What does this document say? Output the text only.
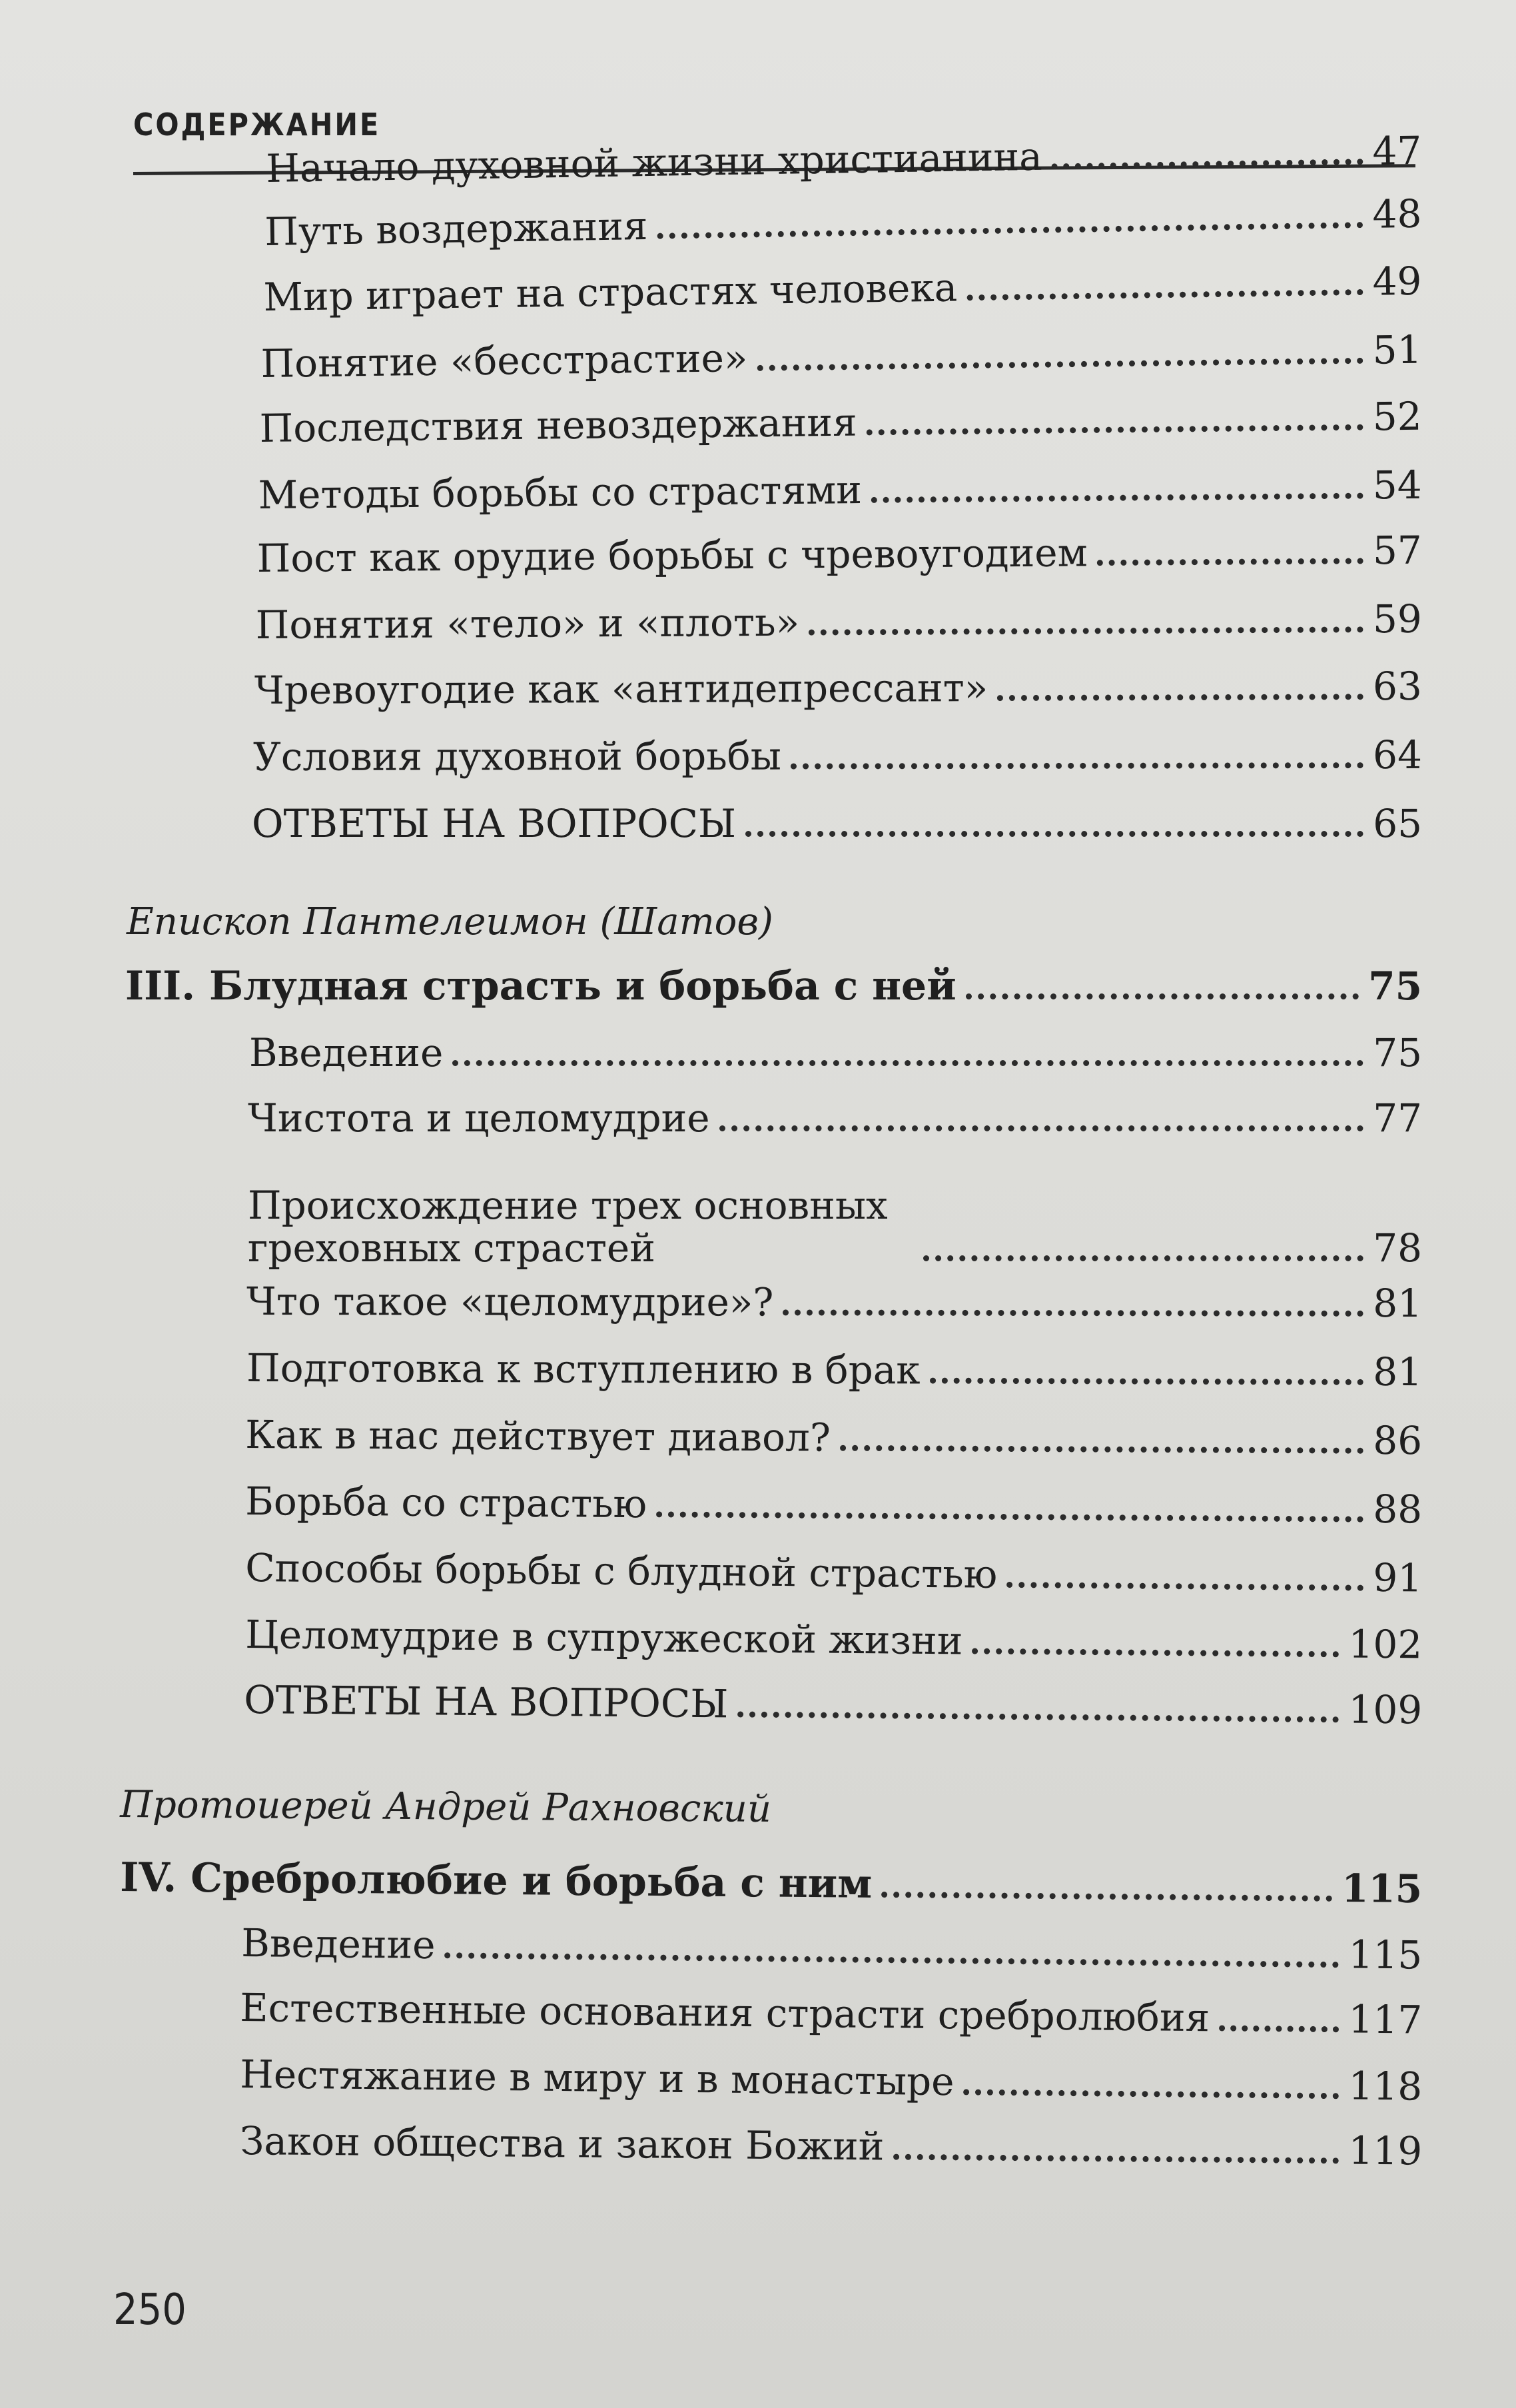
СОДЕРЖАНИЕ
Начало духовной жизни христианина	47
Путь воздержания	48
Мир играет на страстях человека	49
Понятие «бесстрастие»	51
Последствия невоздержания	52
Методы борьбы со страстями	54
Пост как орудие борьбы с чревоугодием	57
Понятия «тело» и «плоть»	59
Чревоугодие как «антидепрессант»	63
Условия духовной борьбы	64
ОТВЕТЫ НА ВОПРОСЫ	65
Епископ Пантелеимон (Шатов)
III. Блудная страсть и борьба с ней	75
Введение	75
Чистота и целомудрие	77
Происхождение трех основных греховных страстей	78
Что такое «целомудрие»?	81
Подготовка к вступлению в брак	81
Как в нас действует диавол?	86
Борьба со страстью	88
Способы борьбы с блудной страстью	91
Целомудрие в супружеской жизни	102
ОТВЕТЫ НА ВОПРОСЫ	109
Протоиерей Андрей Рахновский
IV. Сребролюбие и борьба с ним	115
Введение	115
Естественные основания страсти сребролюбия	117
Нестяжание в миру и в монастыре	118
Закон общества и закон Божий	119
250
